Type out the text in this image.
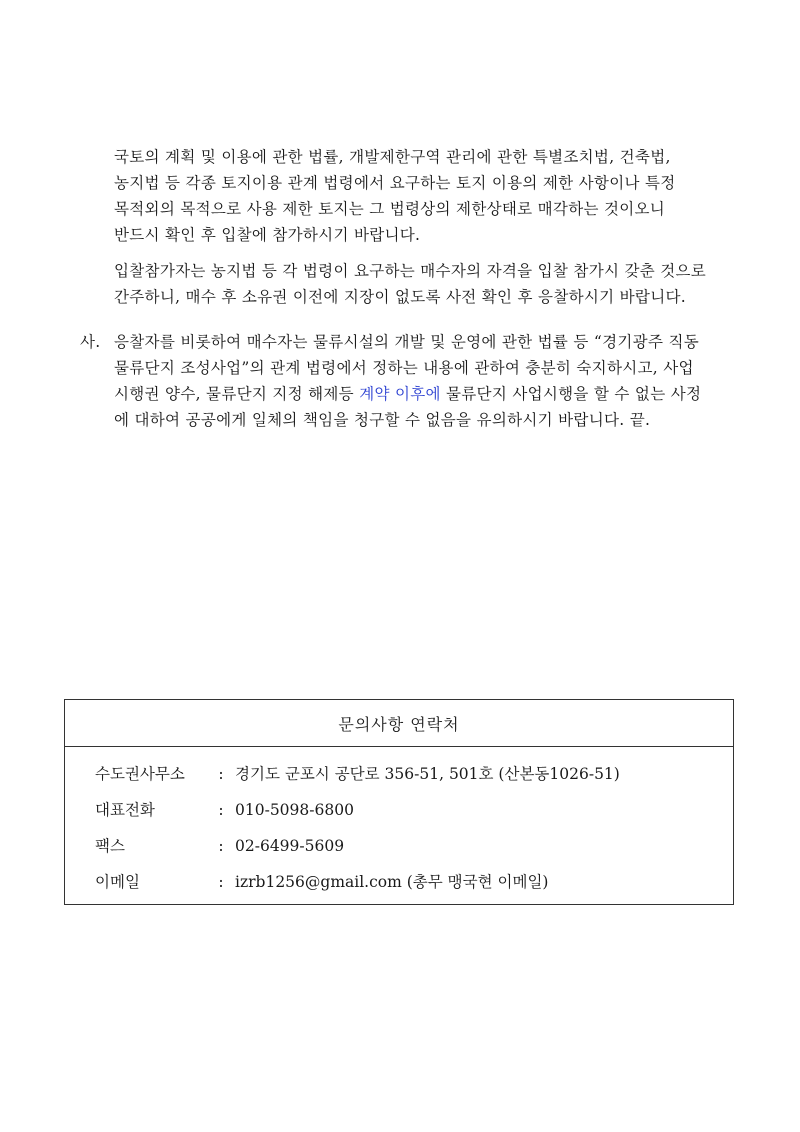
국토의 계획 및 이용에 관한 법률, 개발제한구역 관리에 관한 특별조치법, 건축법,
농지법 등 각종 토지이용 관계 법령에서 요구하는 토지 이용의 제한 사항이나 특정
목적외의 목적으로 사용 제한 토지는 그 법령상의 제한상태로 매각하는 것이오니
반드시 확인 후 입찰에 참가하시기 바랍니다.
입찰참가자는 농지법 등 각 법령이 요구하는 매수자의 자격을 입찰 참가시 갖춘 것으로
간주하니, 매수 후 소유권 이전에 지장이 없도록 사전 확인 후 응찰하시기 바랍니다.
사. 응찰자를 비롯하여 매수자는 물류시설의 개발 및 운영에 관한 법률 등 “경기광주 직동
물류단지 조성사업”의 관계 법령에서 정하는 내용에 관하여 충분히 숙지하시고, 사업
시행권 양수, 물류단지 지정 해제등 계약 이후에 물류단지 사업시행을 할 수 없는 사정
에 대하여 공공에게 일체의 책임을 청구할 수 없음을 유의하시기 바랍니다. 끝.
문의사항 연락처
수도권사무소 : 경기도 군포시 공단로 356-51, 501호 (산본동1026-51)
대표전화	: 010-5098-6800
팩스	: 02-6499-5609
이메일	: izrb1256@gmail.com (총무 맹국현 이메일)
